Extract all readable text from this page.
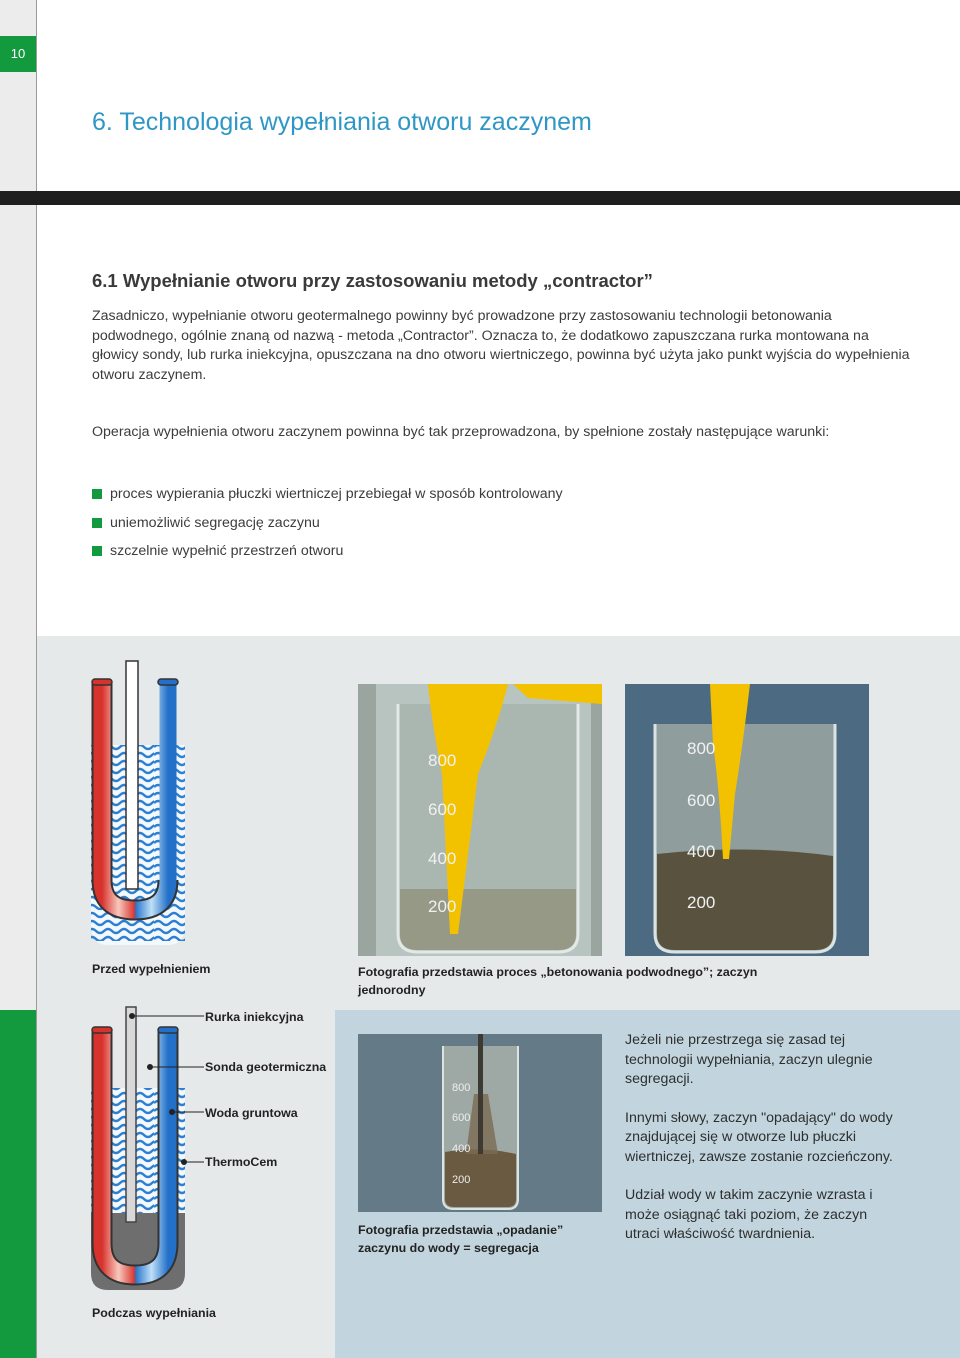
10
6. Technologia wypełniania otworu zaczynem
6.1 Wypełnianie otworu przy zastosowaniu metody „contractor”
Zasadniczo, wypełnianie otworu geotermalnego powinny być prowadzone przy zastosowaniu technologii betonowania podwodnego, ogólnie znaną od nazwą - metoda „Contractor”. Oznacza to, że dodatkowo zapuszczana rurka montowana na głowicy sondy, lub rurka iniekcyjna, opuszczana na dno otworu wiertniczego, powinna być użyta jako punkt wyjścia do wypełnienia otworu zaczynem.
Operacja wypełnienia otworu zaczynem powinna być tak przeprowadzona, by spełnione zostały następujące warunki:
proces wypierania płuczki wiertniczej przebiegał w sposób kontrolowany
uniemożliwić segregację zaczynu
szczelnie wypełnić przestrzeń otworu
Przed wypełnieniem
800
600
400
200
800
600
400
200
Fotografia przedstawia proces „betonowania podwodnego”; zaczyn jednorodny
Rurka iniekcyjna
Sonda geotermiczna
Woda gruntowa
ThermoCem
Podczas wypełniania
800
600
400
200
Fotografia przedstawia „opadanie” zaczynu do wody = segregacja

Jeżeli nie przestrzega się zasad tej technologii wypełniania, zaczyn ulegnie segregacji.

Innymi słowy, zaczyn "opadający" do wody znajdującej się w otworze lub płuczki wiertniczej, zawsze zostanie rozcieńczony.

Udział wody w takim zaczynie wzrasta i może osiągnąć taki poziom, że zaczyn utraci właściwość twardnienia.
